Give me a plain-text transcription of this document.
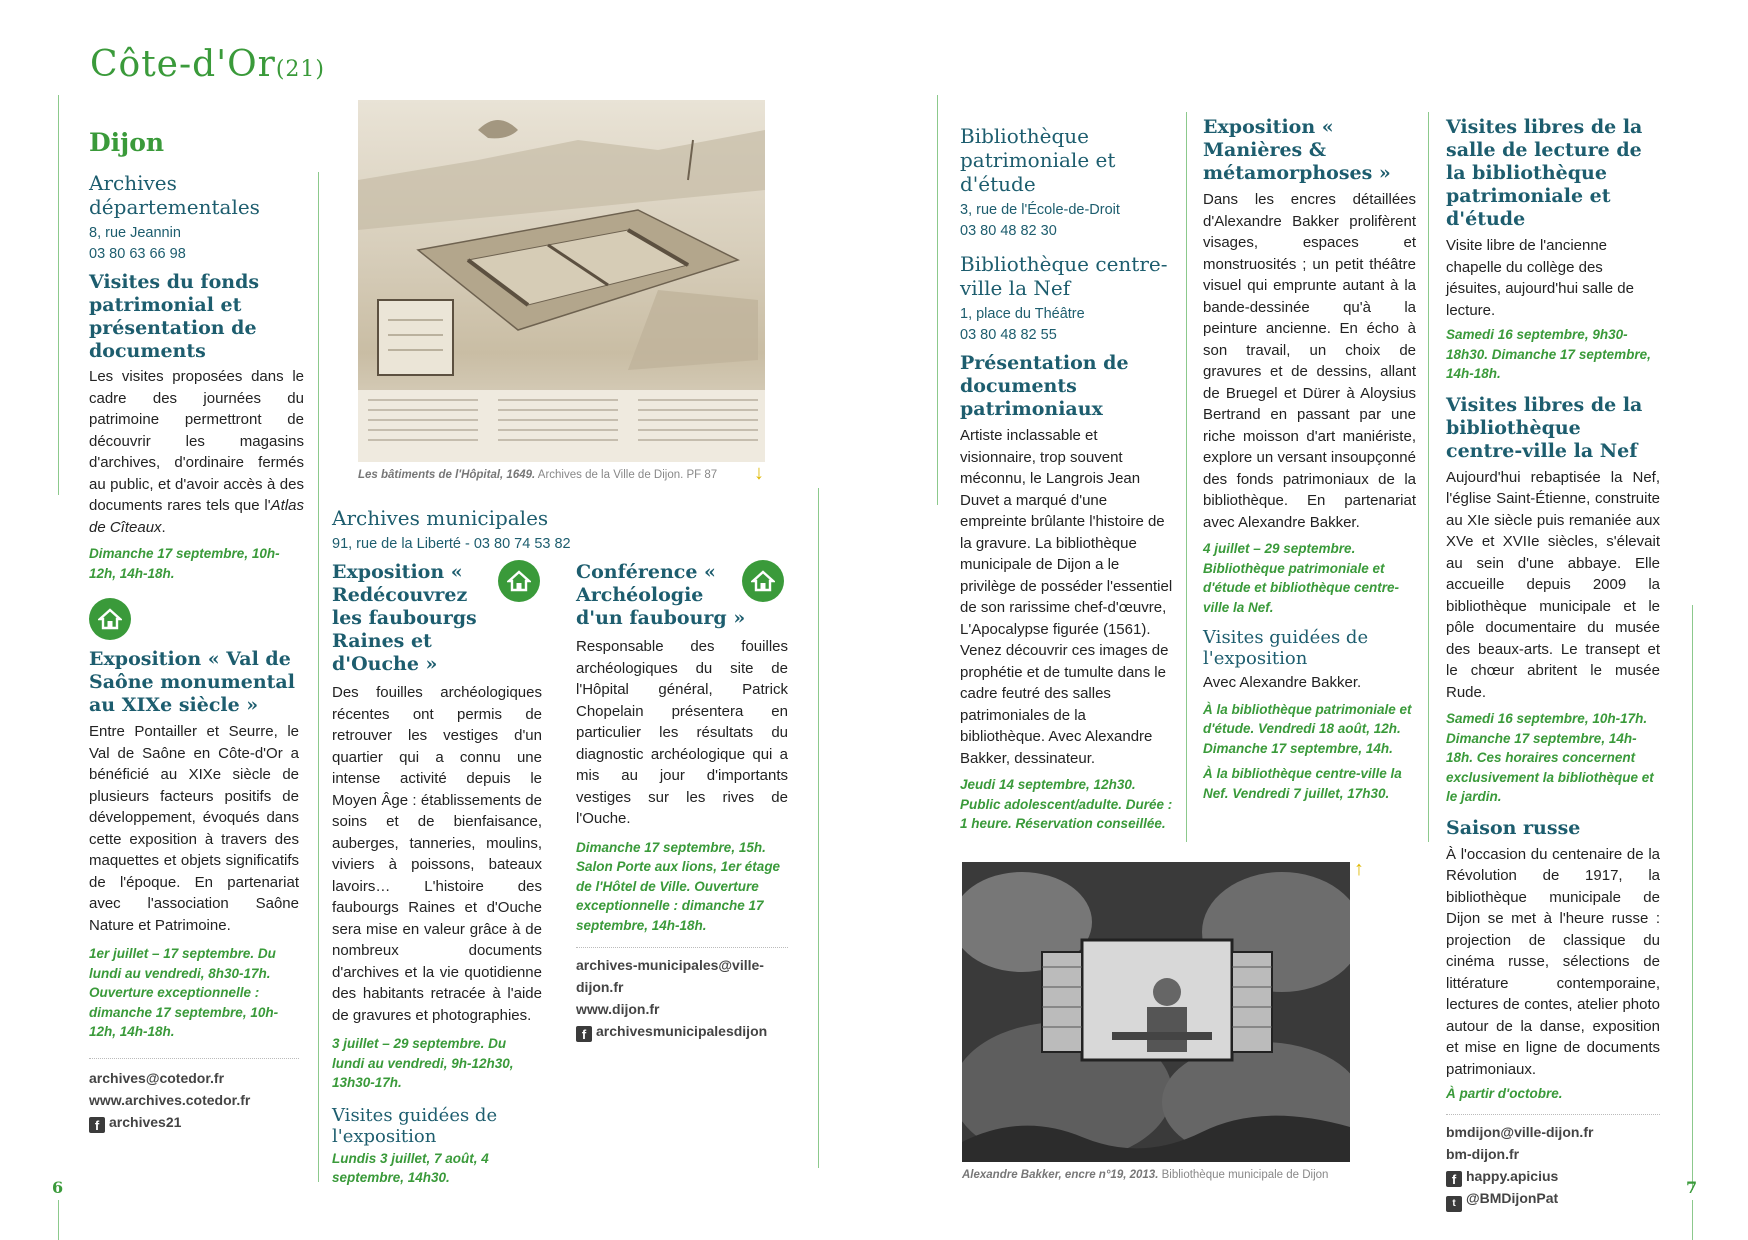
Côte-d'Or(21)
Dijon
Archives départementales
8, rue Jeannin
03 80 63 66 98
Visites du fonds patrimonial et présentation de documents
Les visites proposées dans le cadre des journées du patrimoine permettront de découvrir les magasins d'archives, d'ordinaire fermés au public, et d'avoir accès à des documents rares tels que l'Atlas de Cîteaux.
Dimanche 17 septembre, 10h-12h, 14h-18h.
Exposition « Val de Saône monumental au XIXe siècle »
Entre Pontailler et Seurre, le Val de Saône en Côte-d'Or a bénéficié au XIXe siècle de plusieurs facteurs positifs de développement, évoqués dans cette exposition à travers des maquettes et objets significatifs de l'époque. En partenariat avec l'association Saône Nature et Patrimoine.
1er juillet – 17 septembre. Du lundi au vendredi, 8h30-17h. Ouverture exceptionnelle : dimanche 17 septembre, 10h-12h, 14h-18h.
archives@cotedor.fr
www.archives.cotedor.fr
f archives21
Les bâtiments de l'Hôpital, 1649. Archives de la Ville de Dijon. PF 87 ↓
Archives municipales
91, rue de la Liberté - 03 80 74 53 82
Exposition « Redécouvrez les faubourgs Raines et d'Ouche »
Des fouilles archéologiques récentes ont permis de retrouver les vestiges d'un quartier qui a connu une intense activité depuis le Moyen Âge : établissements de soins et de bienfaisance, auberges, tanneries, moulins, viviers à poissons, bateaux lavoirs… L'histoire des faubourgs Raines et d'Ouche sera mise en valeur grâce à de nombreux documents d'archives et la vie quotidienne des habitants retracée à l'aide de gravures et photographies.
3 juillet – 29 septembre. Du lundi au vendredi, 9h-12h30, 13h30-17h.
Visites guidées de l'exposition
Lundis 3 juillet, 7 août, 4 septembre, 14h30.
Conférence « Archéologie d'un faubourg »
Responsable des fouilles archéologiques du site de l'Hôpital général, Patrick Chopelain présentera en particulier les résultats du diagnostic archéologique qui a mis au jour d'importants vestiges sur les rives de l'Ouche.
Dimanche 17 septembre, 15h. Salon Porte aux lions, 1er étage de l'Hôtel de Ville. Ouverture exceptionnelle : dimanche 17 septembre, 14h-18h.
archives-municipales@ville-dijon.fr
www.dijon.fr
f archivesmunicipalesdijon
6
Bibliothèque patrimoniale et d'étude
3, rue de l'École-de-Droit
03 80 48 82 30
Bibliothèque centre-ville la Nef
1, place du Théâtre
03 80 48 82 55
Présentation de documents patrimoniaux
Artiste inclassable et visionnaire, trop souvent méconnu, le Langrois Jean Duvet a marqué d'une empreinte brûlante l'histoire de la gravure. La bibliothèque municipale de Dijon a le privilège de posséder l'essentiel de son rarissime chef-d'œuvre, L'Apocalypse figurée (1561). Venez découvrir ces images de prophétie et de tumulte dans le cadre feutré des salles patrimoniales de la bibliothèque. Avec Alexandre Bakker, dessinateur.
Jeudi 14 septembre, 12h30. Public adolescent/adulte. Durée : 1 heure. Réservation conseillée.
Alexandre Bakker, encre n°19, 2013. Bibliothèque municipale de Dijon
↑
Exposition « Manières & métamorphoses »
Dans les encres détaillées d'Alexandre Bakker prolifèrent visages, espaces et monstruosités ; un petit théâtre visuel qui emprunte autant à la bande-dessinée qu'à la peinture ancienne. En écho à son travail, un choix de gravures et de dessins, allant de Bruegel et Dürer à Aloysius Bertrand en passant par une riche moisson d'art maniériste, explore un versant insoupçonné des fonds patrimoniaux de la bibliothèque. En partenariat avec Alexandre Bakker.
4 juillet – 29 septembre. Bibliothèque patrimoniale et d'étude et bibliothèque centre-ville la Nef.
Visites guidées de l'exposition
Avec Alexandre Bakker.
À la bibliothèque patrimoniale et d'étude. Vendredi 18 août, 12h. Dimanche 17 septembre, 14h.
À la bibliothèque centre-ville la Nef. Vendredi 7 juillet, 17h30.
Visites libres de la salle de lecture de la bibliothèque patrimoniale et d'étude
Visite libre de l'ancienne chapelle du collège des jésuites, aujourd'hui salle de lecture.
Samedi 16 septembre, 9h30-18h30. Dimanche 17 septembre, 14h-18h.
Visites libres de la bibliothèque centre-ville la Nef
Aujourd'hui rebaptisée la Nef, l'église Saint-Étienne, construite au XIe siècle puis remaniée aux XVe et XVIIe siècles, s'élevait au sein d'une abbaye. Elle accueille depuis 2009 la bibliothèque municipale et le pôle documentaire du musée des beaux-arts. Le transept et le chœur abritent le musée Rude.
Samedi 16 septembre, 10h-17h. Dimanche 17 septembre, 14h-18h. Ces horaires concernent exclusivement la bibliothèque et le jardin.
Saison russe
À l'occasion du centenaire de la Révolution de 1917, la bibliothèque municipale de Dijon se met à l'heure russe : projection de classique du cinéma russe, sélections de littérature contemporaine, lectures de contes, atelier photo autour de la danse, exposition et mise en ligne de documents patrimoniaux.
À partir d'octobre.
bmdijon@ville-dijon.fr
bm-dijon.fr
f happy.apicius
t @BMDijonPat
7
